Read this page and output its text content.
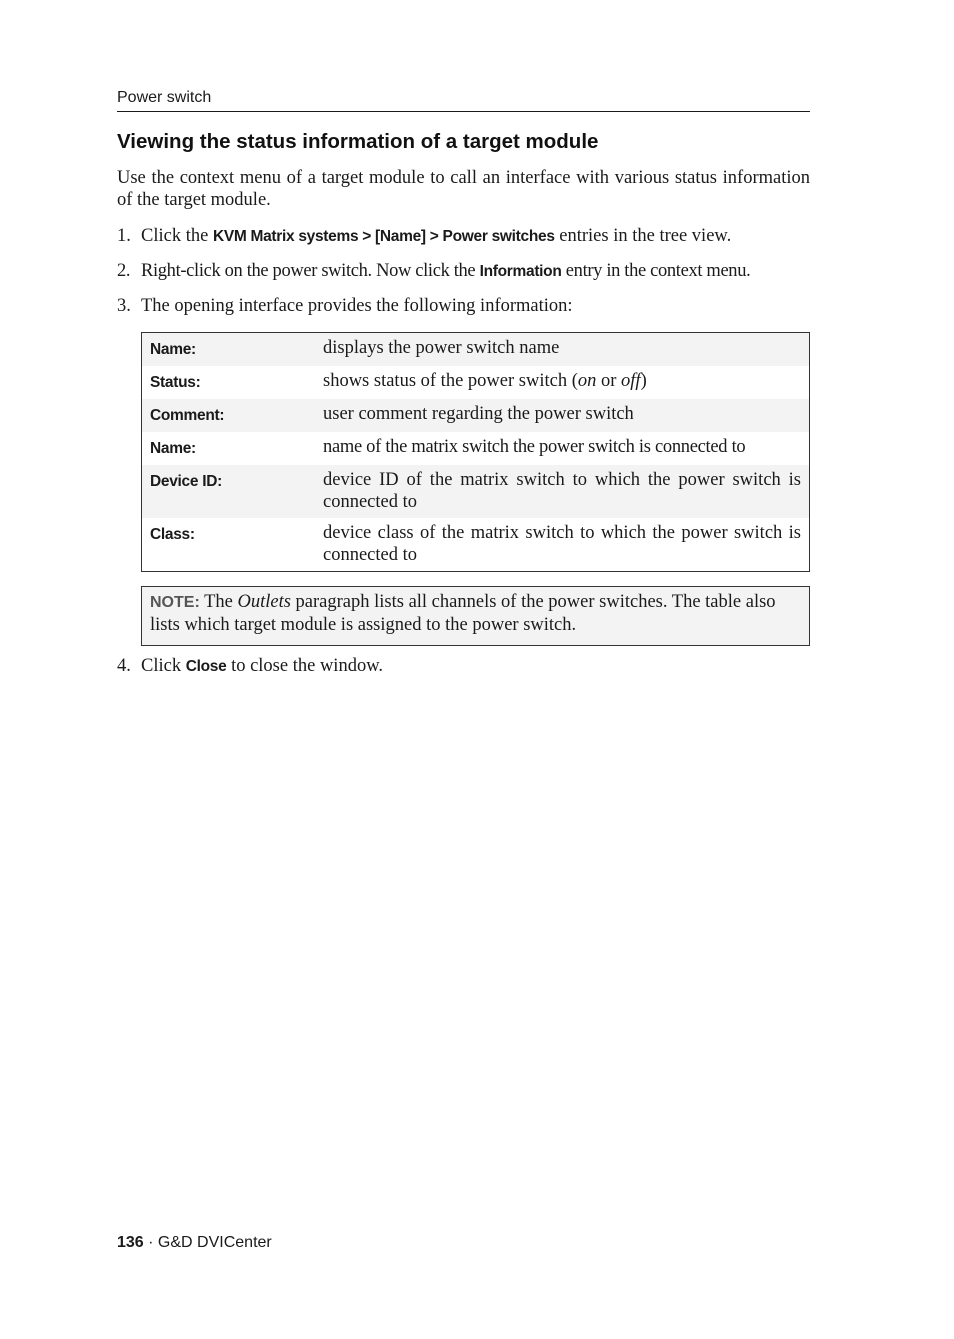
Power switch
Viewing the status information of a target module

Use the context menu of a target module to call an interface with various status information of the target module.

1. Click the KVM Matrix systems > [Name] > Power switches entries in the tree view.
2. Right-click on the power switch. Now click the Information entry in the context menu.
3. The opening interface provides the following information:
Name:	displays the power switch name
Status:	shows status of the power switch (on or off)
Comment:	user comment regarding the power switch
Name:	name of the matrix switch the power switch is connected to
Device ID:	device ID of the matrix switch to which the power switch is connected to
Class:	device class of the matrix switch to which the power switch is connected to
NOTE: The Outlets paragraph lists all channels of the power switches. The table also lists which target module is assigned to the power switch.
4. Click Close to close the window.
136 · G&D DVICenter
